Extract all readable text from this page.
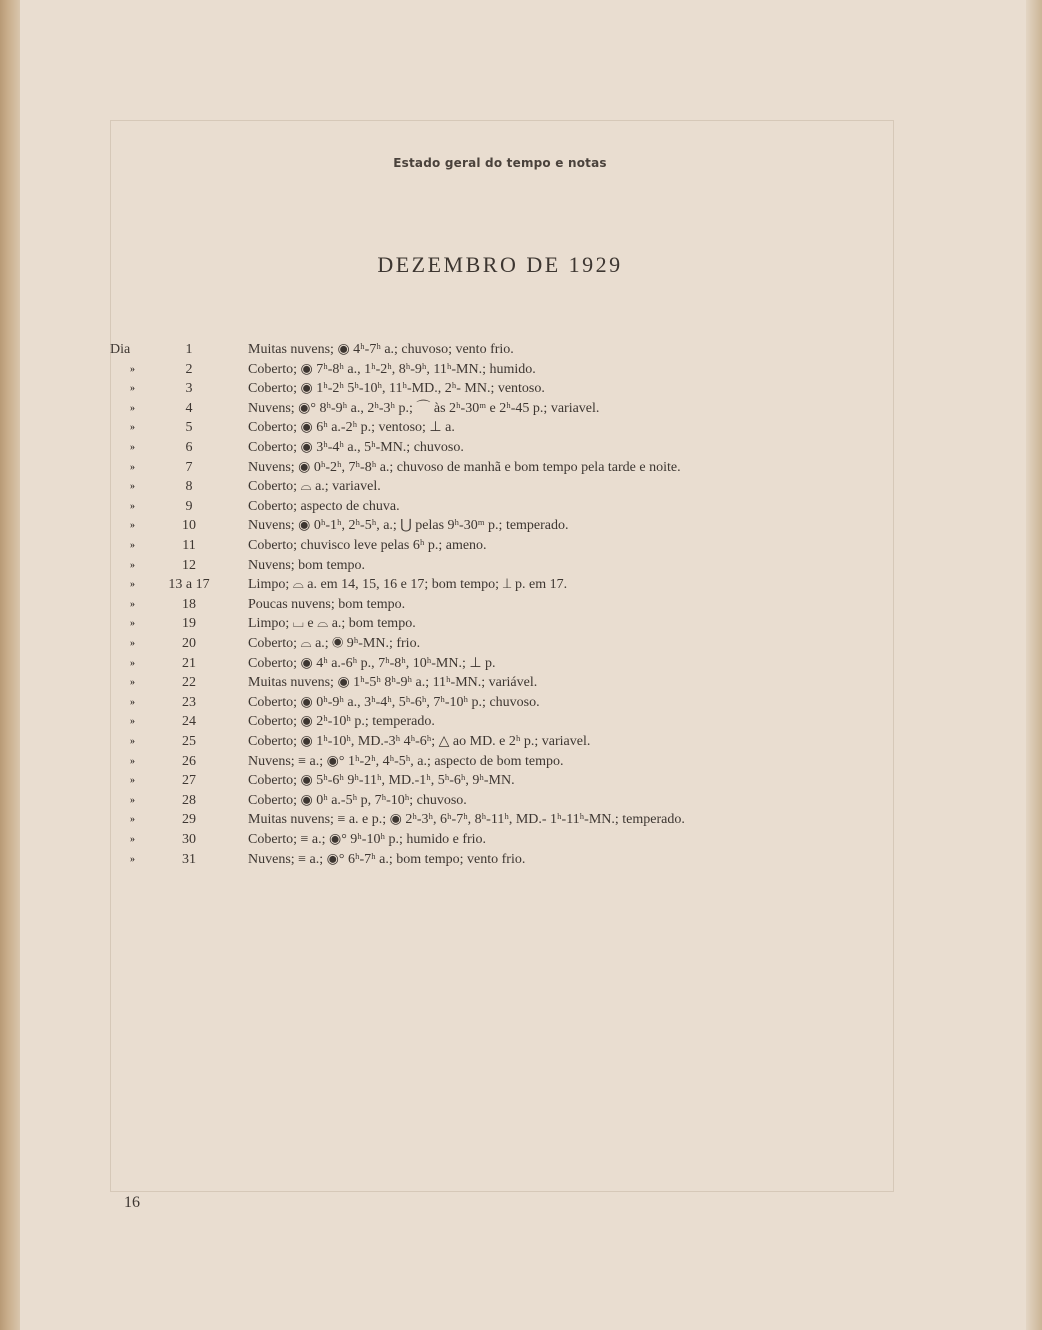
Estado geral do tempo e notas
DEZEMBRO DE 1929
Dia	1	Muitas nuvens; ◉ 4ʰ-7ʰ a.; chuvoso; vento frio.
»	2	Coberto; ◉ 7ʰ-8ʰ a., 1ʰ-2ʰ, 8ʰ-9ʰ, 11ʰ-MN.; humido.
»	3	Coberto; ◉ 1ʰ-2ʰ 5ʰ-10ʰ, 11ʰ-MD., 2ʰ- MN.; ventoso.
»	4	Nuvens; ◉° 8ʰ-9ʰ a., 2ʰ-3ʰ p.; ⌒ às 2ʰ-30ᵐ e 2ʰ-45 p.; variavel.
»	5	Coberto; ◉ 6ʰ a.-2ʰ p.; ventoso; ⊥ a.
»	6	Coberto; ◉ 3ʰ-4ʰ a., 5ʰ-MN.; chuvoso.
»	7	Nuvens; ◉ 0ʰ-2ʰ, 7ʰ-8ʰ a.; chuvoso de manhã e bom tempo pela tarde e noite.
»	8	Coberto; ⌓ a.; variavel.
»	9	Coberto; aspecto de chuva.
»	10	Nuvens; ◉ 0ʰ-1ʰ, 2ʰ-5ʰ, a.; ⋃ pelas 9ʰ-30ᵐ p.; temperado.
»	11	Coberto; chuvisco leve pelas 6ʰ p.; ameno.
»	12	Nuvens; bom tempo.
»	13 a 17	Limpo; ⌓ a. em 14, 15, 16 e 17; bom tempo; ⊥ p. em 17.
»	18	Poucas nuvens; bom tempo.
»	19	Limpo; ⌴ e ⌓ a.; bom tempo.
»	20	Coberto; ⌓ a.; ◉ 9ʰ-MN.; frio.
»	21	Coberto; ◉ 4ʰ a.-6ʰ p., 7ʰ-8ʰ, 10ʰ-MN.; ⊥ p.
»	22	Muitas nuvens; ◉ 1ʰ-5ʰ 8ʰ-9ʰ a.; 11ʰ-MN.; variável.
»	23	Coberto; ◉ 0ʰ-9ʰ a., 3ʰ-4ʰ, 5ʰ-6ʰ, 7ʰ-10ʰ p.; chuvoso.
»	24	Coberto; ◉ 2ʰ-10ʰ p.; temperado.
»	25	Coberto; ◉ 1ʰ-10ʰ, MD.-3ʰ 4ʰ-6ʰ; △ ao MD. e 2ʰ p.; variavel.
»	26	Nuvens; ≡ a.; ◉° 1ʰ-2ʰ, 4ʰ-5ʰ, a.; aspecto de bom tempo.
»	27	Coberto; ◉ 5ʰ-6ʰ 9ʰ-11ʰ, MD.-1ʰ, 5ʰ-6ʰ, 9ʰ-MN.
»	28	Coberto; ◉ 0ʰ a.-5ʰ p, 7ʰ-10ʰ; chuvoso.
»	29	Muitas nuvens; ≡ a. e p.; ◉ 2ʰ-3ʰ, 6ʰ-7ʰ, 8ʰ-11ʰ, MD.- 1ʰ-11ʰ-MN.; temperado.
»	30	Coberto; ≡ a.; ◉° 9ʰ-10ʰ p.; humido e frio.
»	31	Nuvens; ≡ a.; ◉° 6ʰ-7ʰ a.; bom tempo; vento frio.
16
